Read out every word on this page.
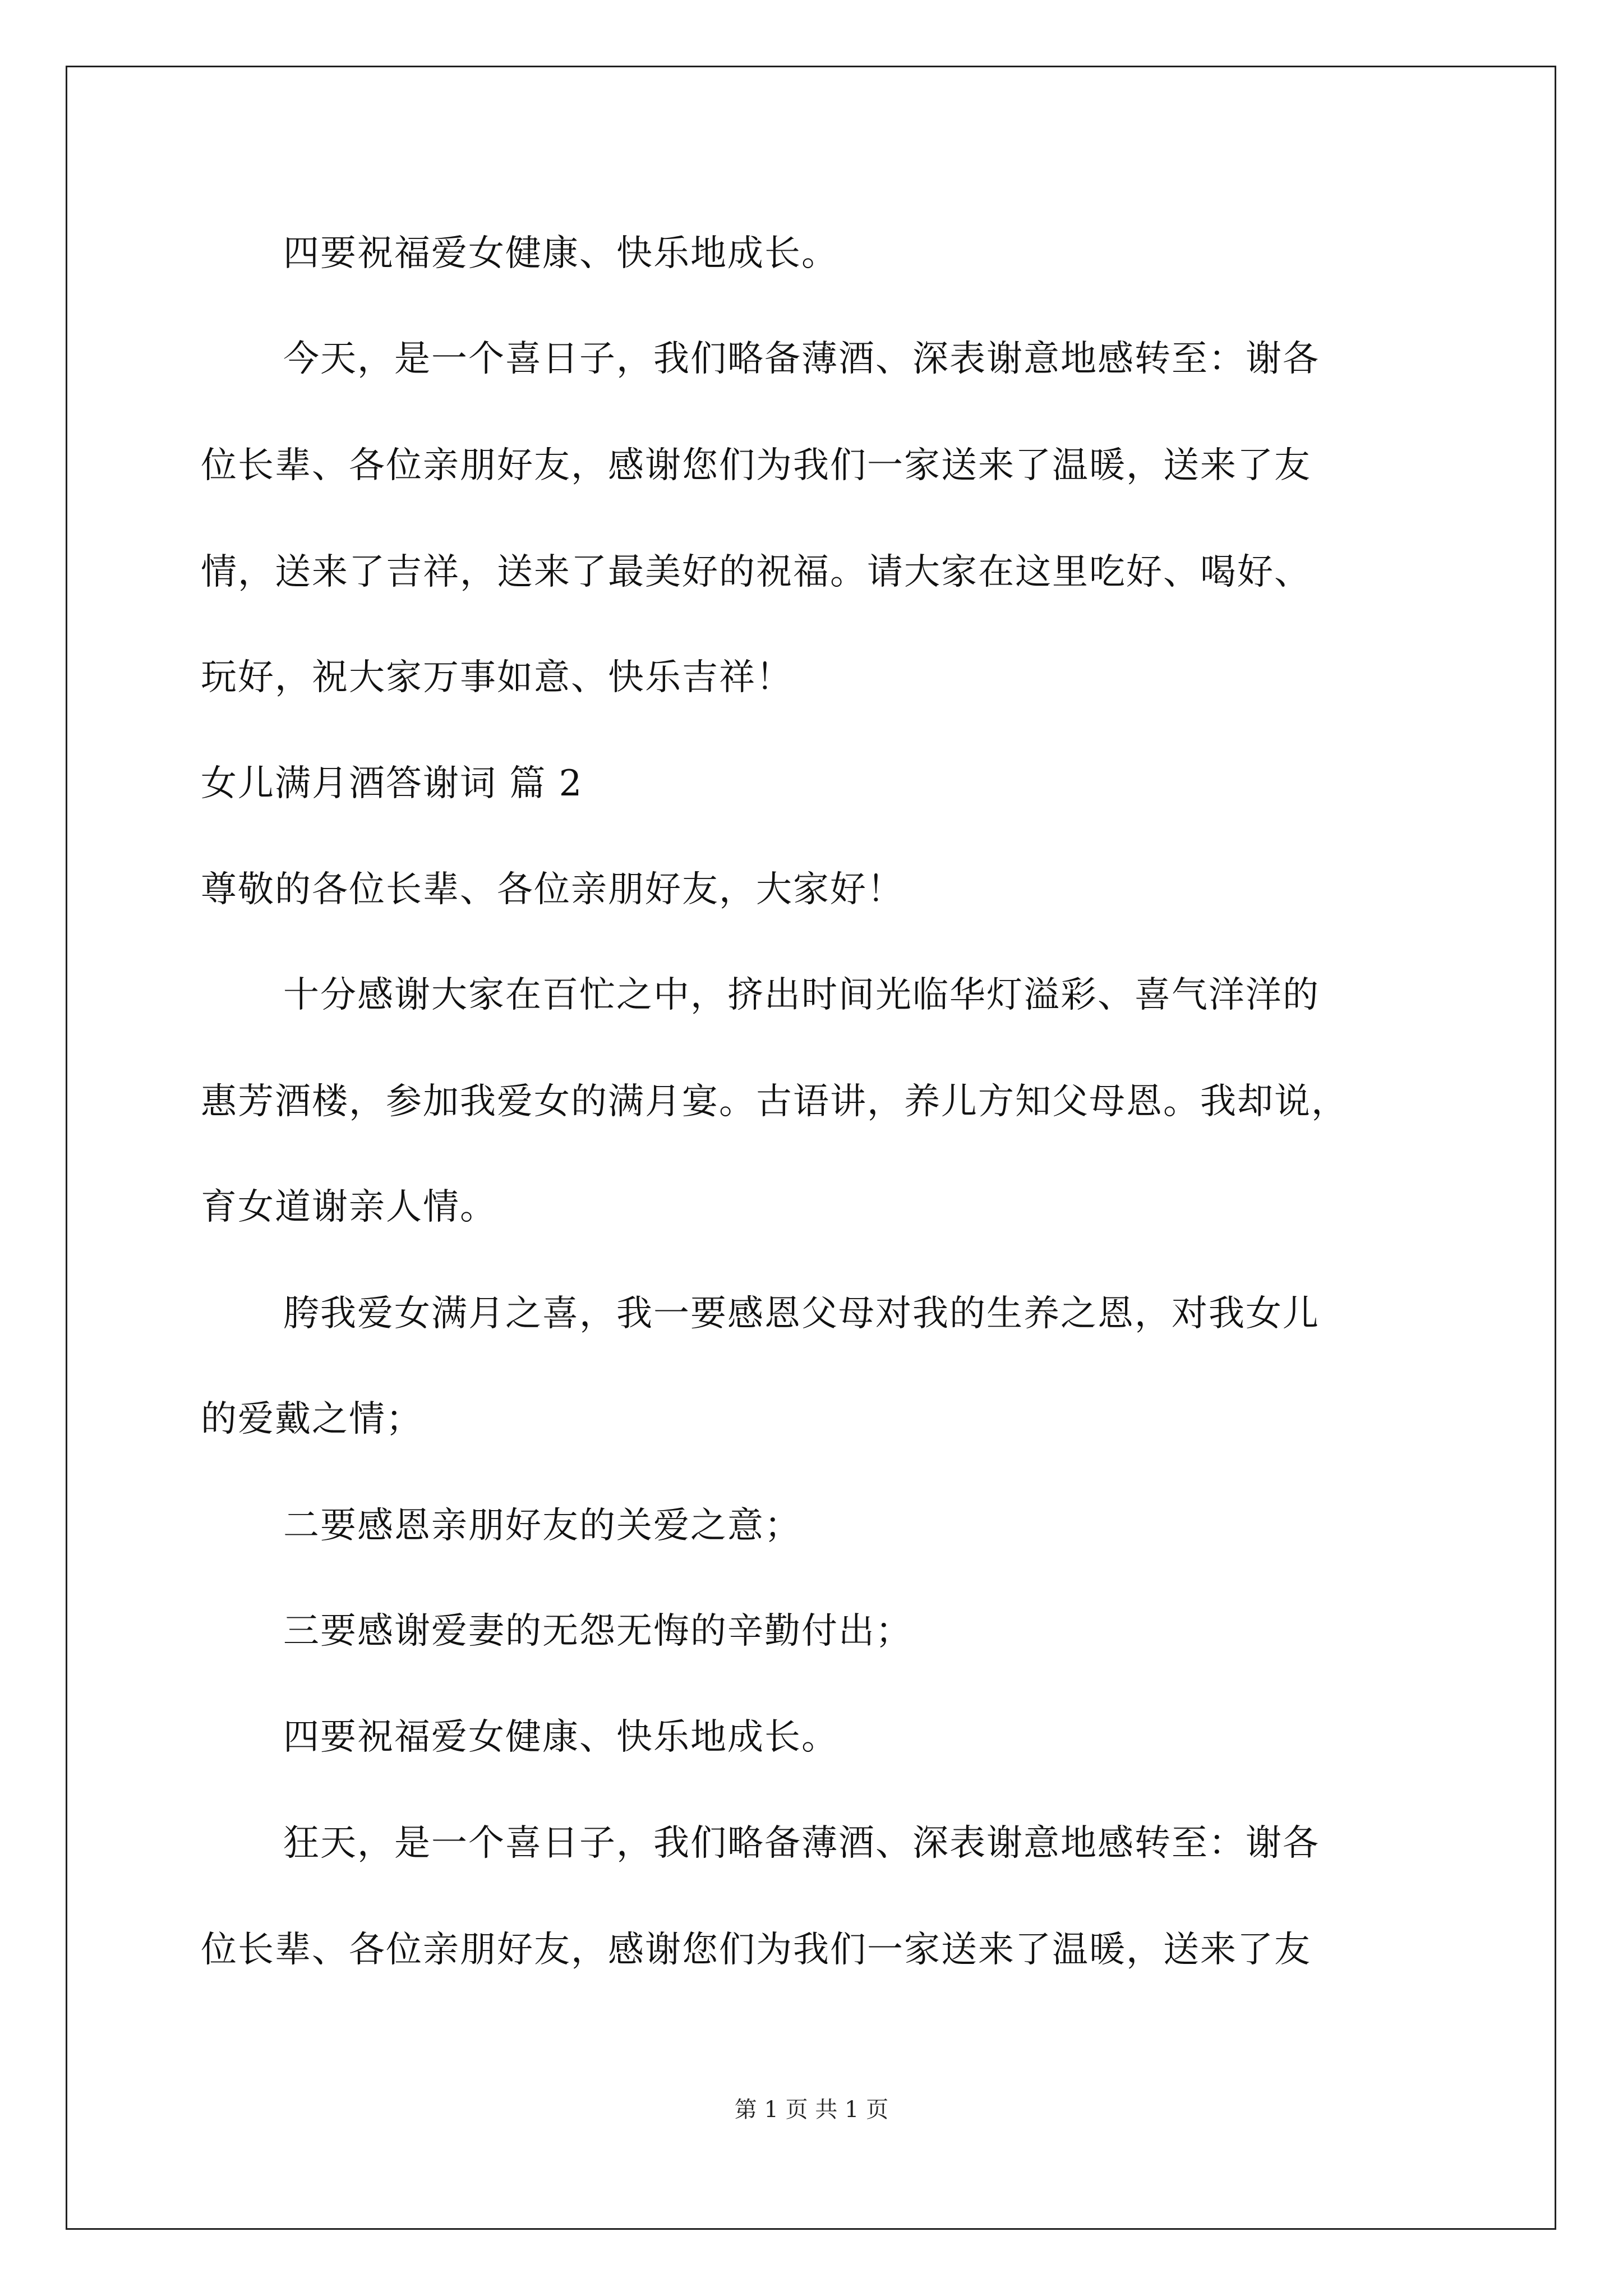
四要祝福爱女健康、快乐地成长。
今天，是一个喜日子，我们略备薄酒、深表谢意地感转至：谢各
位长辈、各位亲朋好友，感谢您们为我们一家送来了温暖，送来了友
情，送来了吉祥，送来了最美好的祝福。请大家在这里吃好、喝好、
玩好，祝大家万事如意、快乐吉祥！
女儿满月酒答谢词 篇 2
尊敬的各位长辈、各位亲朋好友，大家好！
十分感谢大家在百忙之中，挤出时间光临华灯溢彩、喜气洋洋的
惠芳酒楼，参加我爱女的满月宴。古语讲，养儿方知父母恩。我却说，
育女道谢亲人情。
胯我爱女满月之喜，我一要感恩父母对我的生养之恩，对我女儿
的爱戴之情；
二要感恩亲朋好友的关爱之意；
三要感谢爱妻的无怨无悔的辛勤付出；
四要祝福爱女健康、快乐地成长。
狂天，是一个喜日子，我们略备薄酒、深表谢意地感转至：谢各
位长辈、各位亲朋好友，感谢您们为我们一家送来了温暖，送来了友
第 1 页 共 1 页
